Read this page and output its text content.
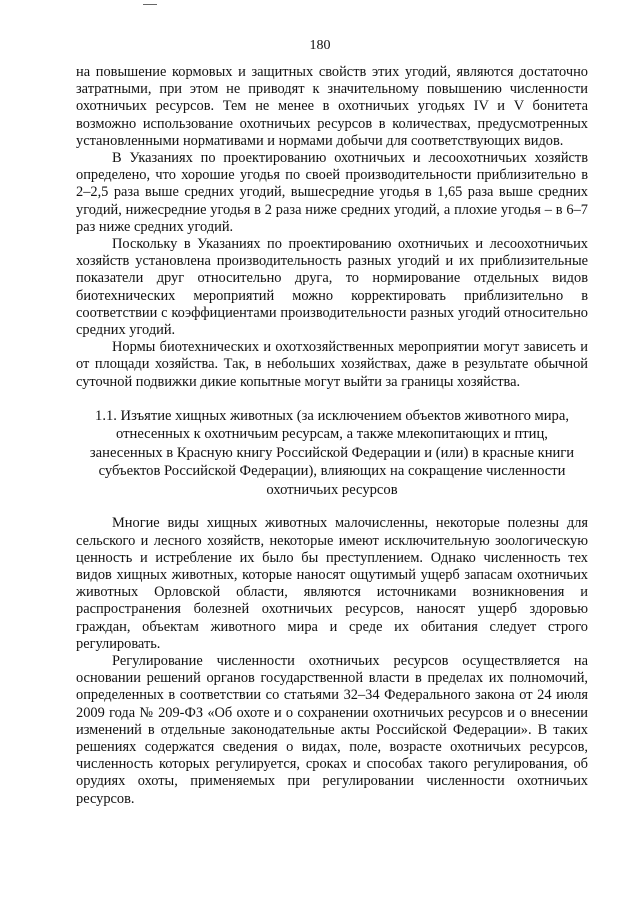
180

на повышение кормовых и защитных свойств этих угодий, являются достаточно затратными, при этом не приводят к значительному повышению численности охотничьих ресурсов. Тем не менее в охотничьих угодьях IV и V бонитета возможно использование охотничьих ресурсов в количествах, предусмотренных установленными нормативами и нормами добычи для соответствующих видов.

В Указаниях по проектированию охотничьих и лесоохотничьих хозяйств определено, что хорошие угодья по своей производительности приблизительно в 2–2,5 раза выше средних угодий, вышесредние угодья в 1,65 раза выше средних угодий, нижесредние угодья в 2 раза ниже средних угодий, а плохие угодья – в 6–7 раз ниже средних угодий.

Поскольку в Указаниях по проектированию охотничьих и лесоохотничьих хозяйств установлена производительность разных угодий и их приблизительные показатели друг относительно друга, то нормирование отдельных видов биотехнических мероприятий можно корректировать приблизительно в соответствии с коэффициентами производительности разных угодий относительно средних угодий.

Нормы биотехнических и охотхозяйственных мероприятии могут зависеть и от площади хозяйства. Так, в небольших хозяйствах, даже в результате обычной суточной подвижки дикие копытные могут выйти за границы хозяйства.

1.1. Изъятие хищных животных (за исключением объектов животного мира,
отнесенных к охотничьим ресурсам, а также млекопитающих и птиц,
занесенных в Красную книгу Российской Федерации и (или) в красные книги
субъектов Российской Федерации), влияющих на сокращение численности
охотничьих ресурсов

Многие виды хищных животных малочисленны, некоторые полезны для сельского и лесного хозяйств, некоторые имеют исключительную зоологическую ценность и истребление их было бы преступлением. Однако численность тех видов хищных животных, которые наносят ощутимый ущерб запасам охотничьих животных Орловской области, являются источниками возникновения и распространения болезней охотничьих ресурсов, наносят ущерб здоровью граждан, объектам животного мира и среде их обитания следует строго регулировать.

Регулирование численности охотничьих ресурсов осуществляется на основании решений органов государственной власти в пределах их полномочий, определенных в соответствии со статьями 32–34 Федерального закона от 24 июля 2009 года № 209-ФЗ «Об охоте и о сохранении охотничьих ресурсов и о внесении изменений в отдельные законодательные акты Российской Федерации». В таких решениях содержатся сведения о видах, поле, возрасте охотничьих ресурсов, численность которых регулируется, сроках и способах такого регулирования, об орудиях охоты, применяемых при регулировании численности охотничьих ресурсов.
